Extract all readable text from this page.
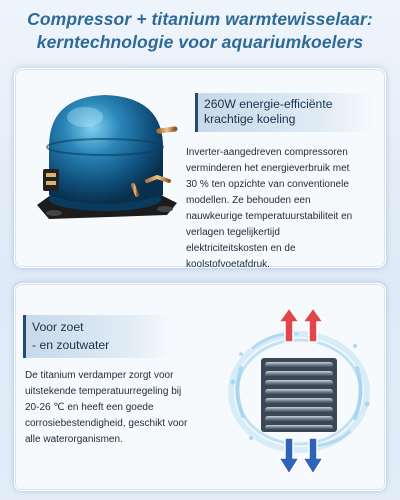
Compressor + titanium warmtewisselaar:
kerntechnologie voor aquariumkoelers
260W energie-efficiënte
krachtige koeling
Inverter-aangedreven compressoren
verminderen het energieverbruik met
30 % ten opzichte van conventionele
modellen. Ze behouden een
nauwkeurige temperatuurstabiliteit en
verlagen tegelijkertijd
elektriciteitskosten en de
koolstofvoetafdruk.
Voor zoet
- en zoutwater
De titanium verdamper zorgt voor
uitstekende temperatuurregeling bij
20-26 ℃ en heeft een goede
corrosiebestendigheid, geschikt voor
alle waterorganismen.
